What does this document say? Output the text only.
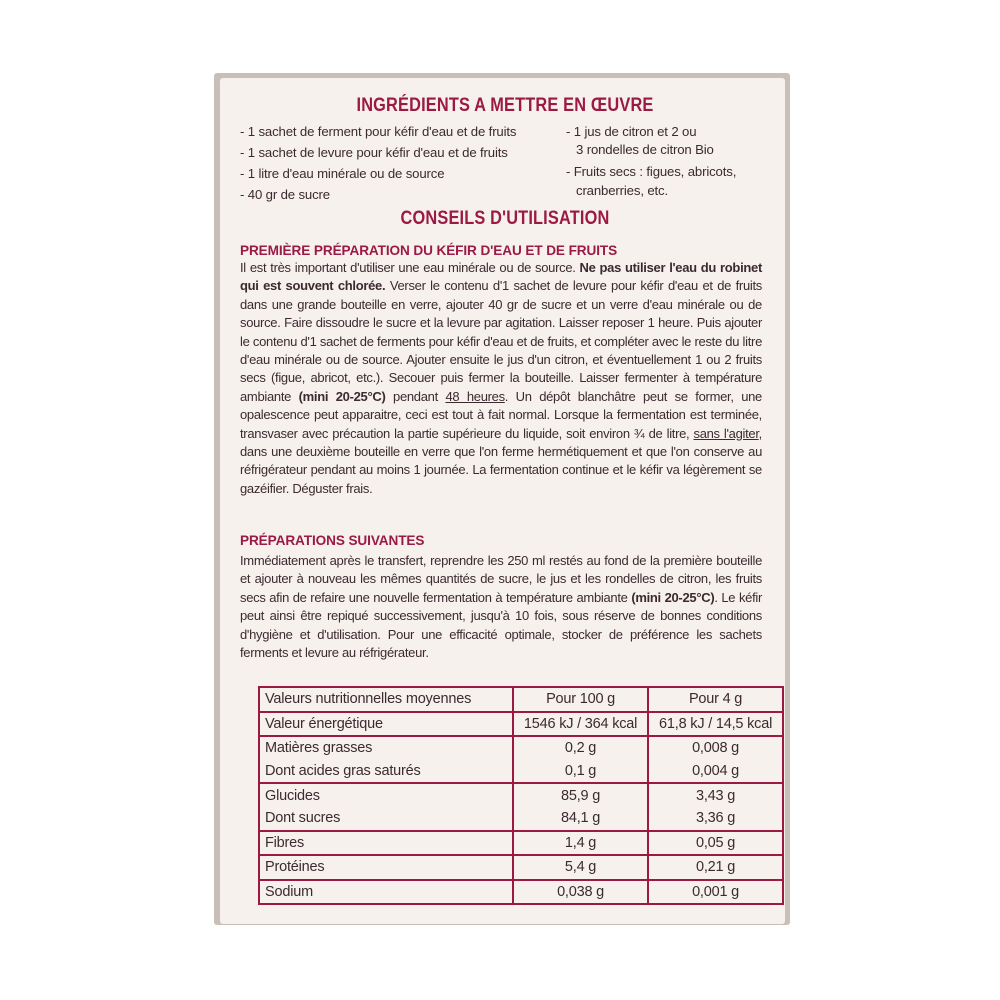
INGRÉDIENTS A METTRE EN ŒUVRE
- 1 sachet de ferment pour kéfir d'eau et de fruits
- 1 sachet de levure pour kéfir d'eau et de fruits
- 1 litre d'eau minérale ou de source
- 40 gr de sucre
- 1 jus de citron et 2 ou
3 rondelles de citron Bio
- Fruits secs : figues, abricots,
cranberries, etc.
CONSEILS D'UTILISATION
PREMIÈRE PRÉPARATION DU KÉFIR D'EAU ET DE FRUITS

Il est très important d'utiliser une eau minérale ou de source. Ne pas utiliser l'eau du robinet qui est souvent chlorée. Verser le contenu d'1 sachet de levure pour kéfir d'eau et de fruits dans une grande bouteille en verre, ajouter 40 gr de sucre et un verre d'eau minérale ou de source. Faire dissoudre le sucre et la levure par agitation. Laisser reposer 1 heure. Puis ajouter le contenu d'1 sachet de ferments pour kéfir d'eau et de fruits, et compléter avec le reste du litre d'eau minérale ou de source. Ajouter ensuite le jus d'un citron, et éventuellement 1 ou 2 fruits secs (figue, abricot, etc.). Secouer puis fermer la bouteille. Laisser fermenter à température ambiante (mini 20-25°C) pendant 48 heures. Un dépôt blanchâtre peut se former, une opalescence peut apparaitre, ceci est tout à fait normal. Lorsque la fermentation est terminée, transvaser avec précaution la partie supérieure du liquide, soit environ ¾ de litre, sans l'agiter, dans une deuxième bouteille en verre que l'on ferme hermétiquement et que l'on conserve au réfrigérateur pendant au moins 1 journée. La fermentation continue et le kéfir va légèrement se gazéifier. Déguster frais.

PRÉPARATIONS SUIVANTES

Immédiatement après le transfert, reprendre les 250 ml restés au fond de la première bouteille et ajouter à nouveau les mêmes quantités de sucre, le jus et les rondelles de citron, les fruits secs afin de refaire une nouvelle fermentation à température ambiante (mini 20-25°C). Le kéfir peut ainsi être repiqué successivement, jusqu'à 10 fois, sous réserve de bonnes conditions d'hygiène et d'utilisation. Pour une efficacité optimale, stocker de préférence les sachets ferments et levure au réfrigérateur.

Valeurs nutritionnelles moyennes	Pour 100 g	Pour 4 g
Valeur énergétique	1546 kJ / 364 kcal	61,8 kJ / 14,5 kcal
Matières grasses	0,2 g	0,008 g
Dont acides gras saturés	0,1 g	0,004 g
Glucides	85,9 g	3,43 g
Dont sucres	84,1 g	3,36 g
Fibres	1,4 g	0,05 g
Protéines	5,4 g	0,21 g
Sodium	0,038 g	0,001 g
